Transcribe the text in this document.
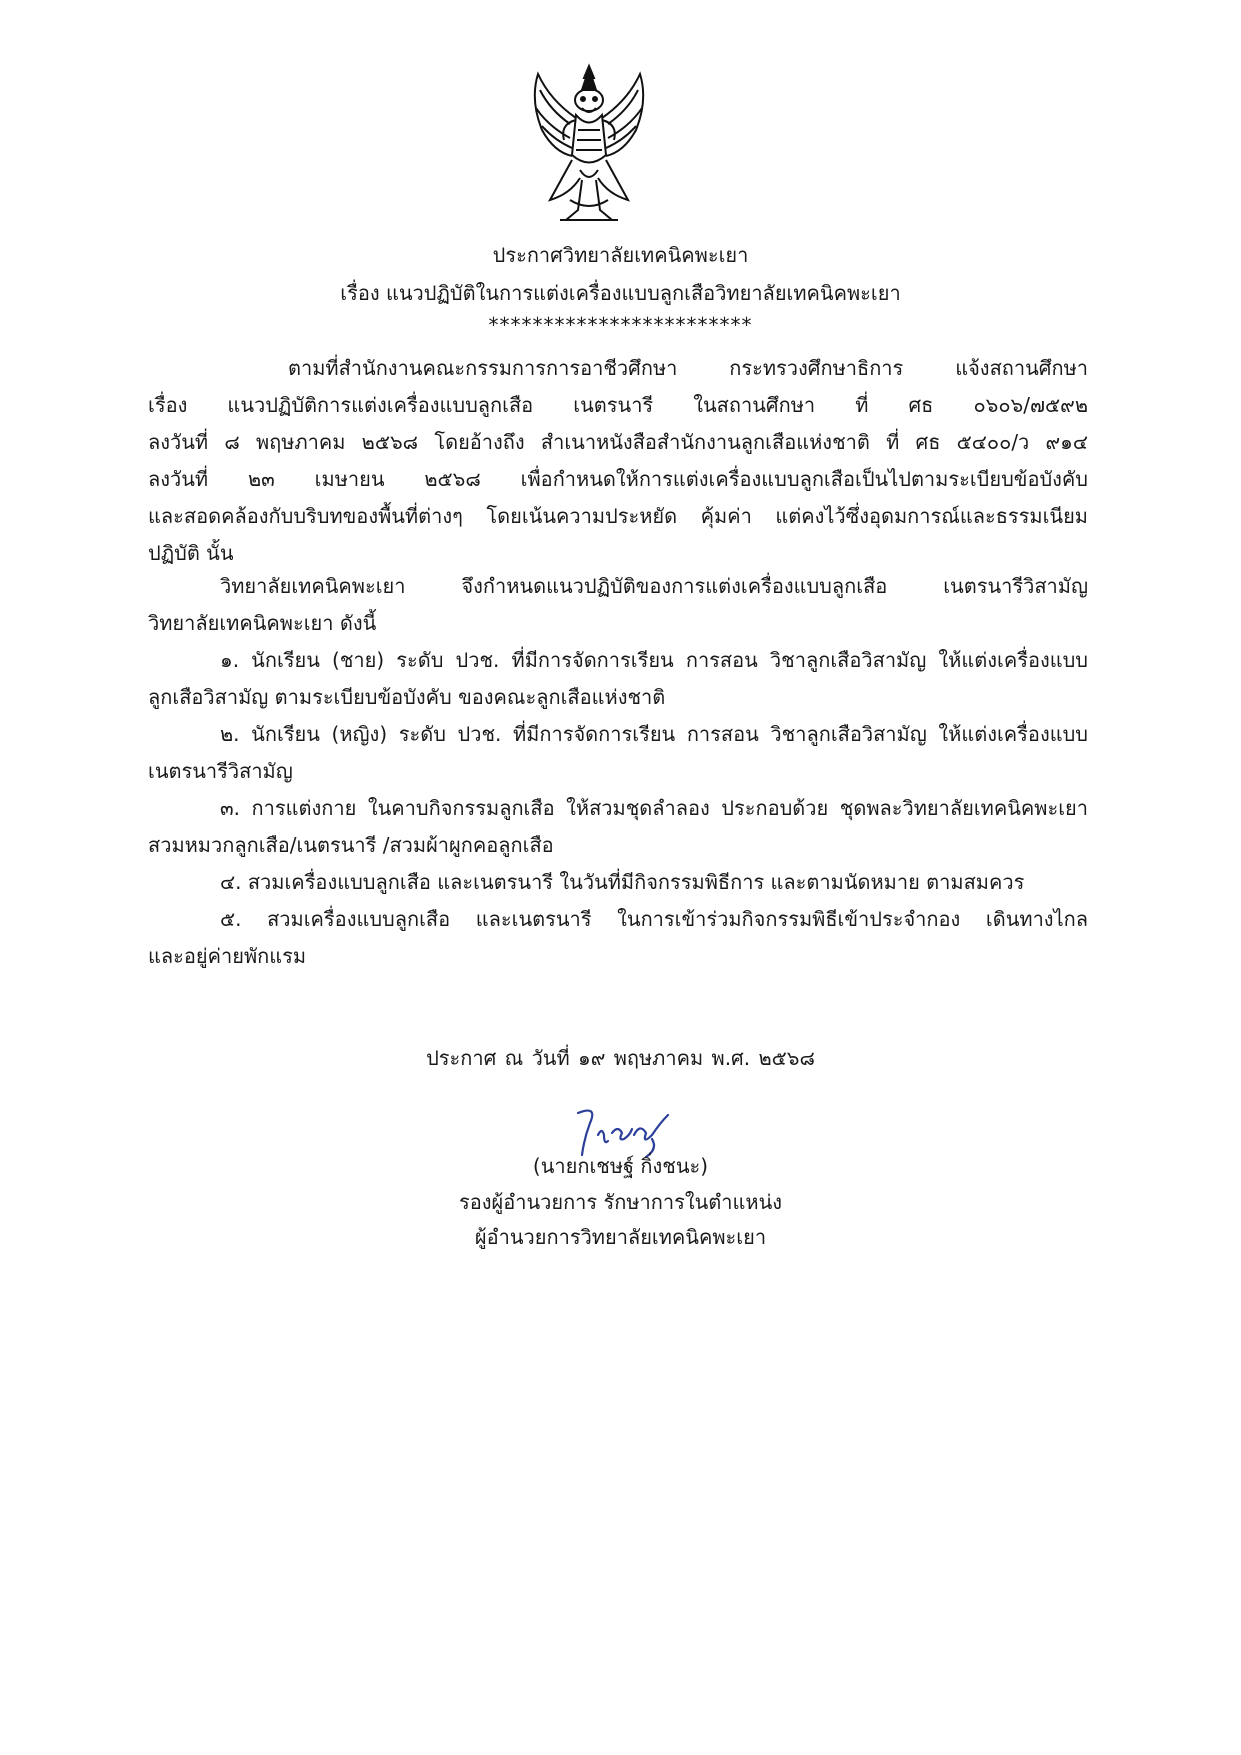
ประกาศวิทยาลัยเทคนิคพะเยา
เรื่อง แนวปฏิบัติในการแต่งเครื่องแบบลูกเสือวิทยาลัยเทคนิคพะเยา
************************
ตามที่สำนักงานคณะกรรมการการอาชีวศึกษา กระทรวงศึกษาธิการ แจ้งสถานศึกษา
เรื่อง แนวปฏิบัติการแต่งเครื่องแบบลูกเสือ เนตรนารี ในสถานศึกษา ที่ ศธ ๐๖๐๖/๗๕๙๒
ลงวันที่ ๘ พฤษภาคม ๒๕๖๘ โดยอ้างถึง สำเนาหนังสือสำนักงานลูกเสือแห่งชาติ ที่ ศธ ๕๔๐๐/ว ๙๑๔
ลงวันที่ ๒๓ เมษายน ๒๕๖๘ เพื่อกำหนดให้การแต่งเครื่องแบบลูกเสือเป็นไปตามระเบียบข้อบังคับ
และสอดคล้องกับบริบทของพื้นที่ต่างๆ โดยเน้นความประหยัด คุ้มค่า แต่คงไว้ซึ่งอุดมการณ์และธรรมเนียม
ปฏิบัติ นั้น
วิทยาลัยเทคนิคพะเยา จึงกำหนดแนวปฏิบัติของการแต่งเครื่องแบบลูกเสือ เนตรนารีวิสามัญ
วิทยาลัยเทคนิคพะเยา ดังนี้
๑. นักเรียน (ชาย) ระดับ ปวช. ที่มีการจัดการเรียน การสอน วิชาลูกเสือวิสามัญ ให้แต่งเครื่องแบบ
ลูกเสือวิสามัญ ตามระเบียบข้อบังคับ ของคณะลูกเสือแห่งชาติ
๒. นักเรียน (หญิง) ระดับ ปวช. ที่มีการจัดการเรียน การสอน วิชาลูกเสือวิสามัญ ให้แต่งเครื่องแบบ
เนตรนารีวิสามัญ
๓. การแต่งกาย ในคาบกิจกรรมลูกเสือ ให้สวมชุดลำลอง ประกอบด้วย ชุดพละวิทยาลัยเทคนิคพะเยา
สวมหมวกลูกเสือ/เนตรนารี /สวมผ้าผูกคอลูกเสือ
๔. สวมเครื่องแบบลูกเสือ และเนตรนารี ในวันที่มีกิจกรรมพิธีการ และตามนัดหมาย ตามสมควร
๕. สวมเครื่องแบบลูกเสือ และเนตรนารี ในการเข้าร่วมกิจกรรมพิธีเข้าประจำกอง เดินทางไกล
และอยู่ค่ายพักแรม
ประกาศ ณ วันที่ ๑๙ พฤษภาคม พ.ศ. ๒๕๖๘
(นายกเชษฐ์ กิ่งชนะ)
รองผู้อำนวยการ รักษาการในตำแหน่ง
ผู้อำนวยการวิทยาลัยเทคนิคพะเยา
